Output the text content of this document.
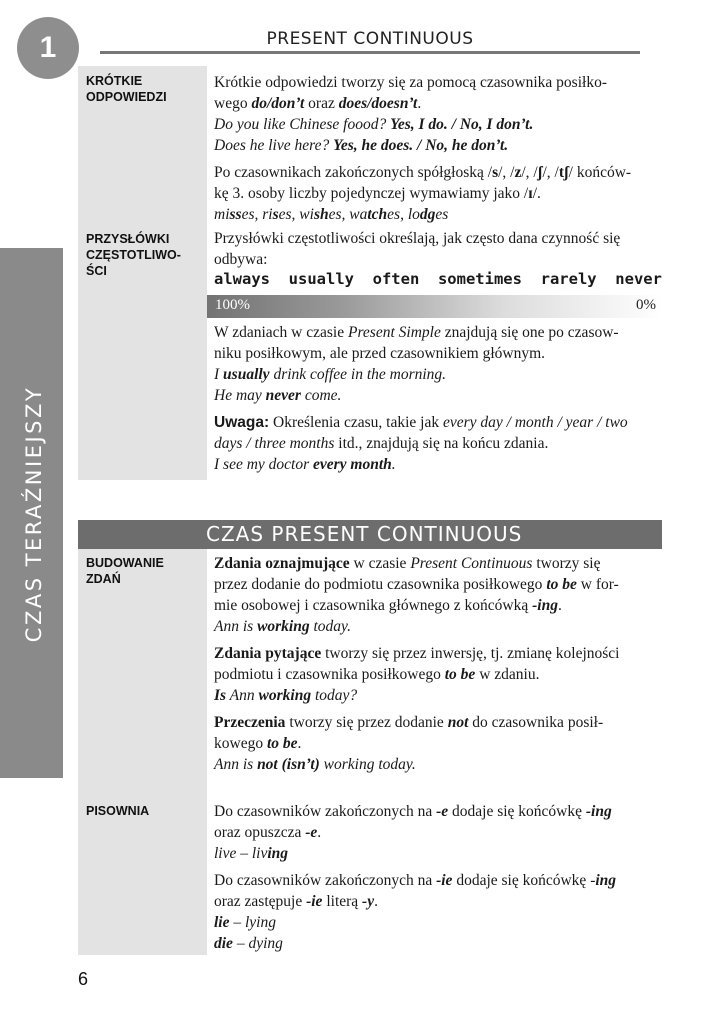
1	PRESENT CONTINUOUS
CZAS TERAŹNIEJSZY
KRÓTKIE
ODPOWIEDZI

Krótkie odpowiedzi tworzy się za pomocą czasownika posiłko-
wego do/don’t oraz does/doesn’t.

Do you like Chinese foood? Yes, I do. / No, I don’t.

Does he live here? Yes, he does. / No, he don’t.

Po czasownikach zakończonych spółgłoską /s/, /z/, /ʃ/, /tʃ/ końców-
kę 3. osoby liczby pojedynczej wymawiamy jako /ɪ/.

misses, rises, wishes, watches, lodges

PRZYSŁÓWKI
CZĘSTOTLIWO-
ŚCI

Przysłówki częstotliwości określają, jak często dana czynność się
odbywa:

always usually often sometimes rarely never
100%	0%

W zdaniach w czasie Present Simple znajdują się one po czasow-
niku posiłkowym, ale przed czasownikiem głównym.

I usually drink coffee in the morning.

He may never come.

Uwaga: Określenia czasu, takie jak every day / month / year / two
days / three months itd., znajdują się na końcu zdania.

I see my doctor every month.

CZAS PRESENT CONTINUOUS
BUDOWANIE
ZDAŃ

Zdania oznajmujące w czasie Present Continuous tworzy się
przez dodanie do podmiotu czasownika posiłkowego to be w for-
mie osobowej i czasownika głównego z końcówką -ing.

Ann is working today.

Zdania pytające tworzy się przez inwersję, tj. zmianę kolejności
podmiotu i czasownika posiłkowego to be w zdaniu.

Is Ann working today?

Przeczenia tworzy się przez dodanie not do czasownika posił-
kowego to be.

Ann is not (isn’t) working today.

PISOWNIA	Do czasowników zakończonych na -e dodaje się końcówkę -ing
oraz opuszcza -e.

live – living

Do czasowników zakończonych na -ie dodaje się końcówkę -ing
oraz zastępuje -ie literą -y.

lie – lying

die – dying

6
